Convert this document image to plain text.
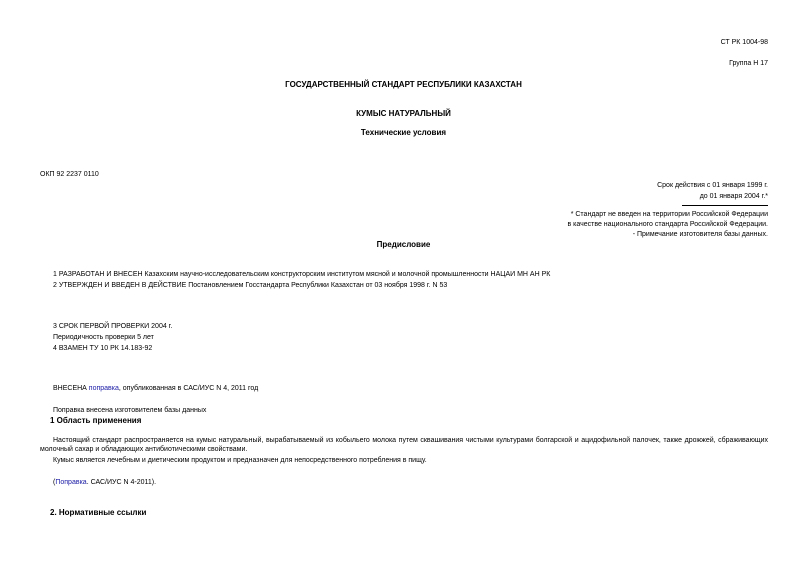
СТ РК 1004-98
Группа Н 17
ГОСУДАРСТВЕННЫЙ СТАНДАРТ РЕСПУБЛИКИ КАЗАХСТАН
КУМЫС НАТУРАЛЬНЫЙ
Технические условия
ОКП 92 2237 0110
Срок действия с 01 января 1999 г.
до 01 января 2004 г.*
* Стандарт не введен на территории Российской Федерации
в качестве национального стандарта Российской Федерации.
- Примечание изготовителя базы данных.
Предисловие
1 РАЗРАБОТАН И ВНЕСЕН Казахским научно-исследовательским конструкторским институтом мясной и молочной промышленности НАЦАИ МН АН РК
2 УТВЕРЖДЕН И ВВЕДЕН В ДЕЙСТВИЕ Постановлением Госстандарта Республики Казахстан от 03 ноября 1998 г. N 53
3 СРОК ПЕРВОЙ ПРОВЕРКИ 2004 г.
Периодичность проверки 5 лет
4 ВЗАМЕН ТУ 10 РК 14.183-92
ВНЕСЕНА поправка, опубликованная в САС/ИУС N 4, 2011 год
Поправка внесена изготовителем базы данных
1 Область применения
Настоящий стандарт распространяется на кумыс натуральный, вырабатываемый из кобыльего молока путем сквашивания чистыми культурами болгарской и ацидофильной палочек, также дрожжей, сбраживающих молочный сахар и обладающих антибиотическими свойствами.
Кумыс является лечебным и диетическим продуктом и предназначен для непосредственного потребления в пищу.
(Поправка. САС/ИУС N 4-2011).
2. Нормативные ссылки
